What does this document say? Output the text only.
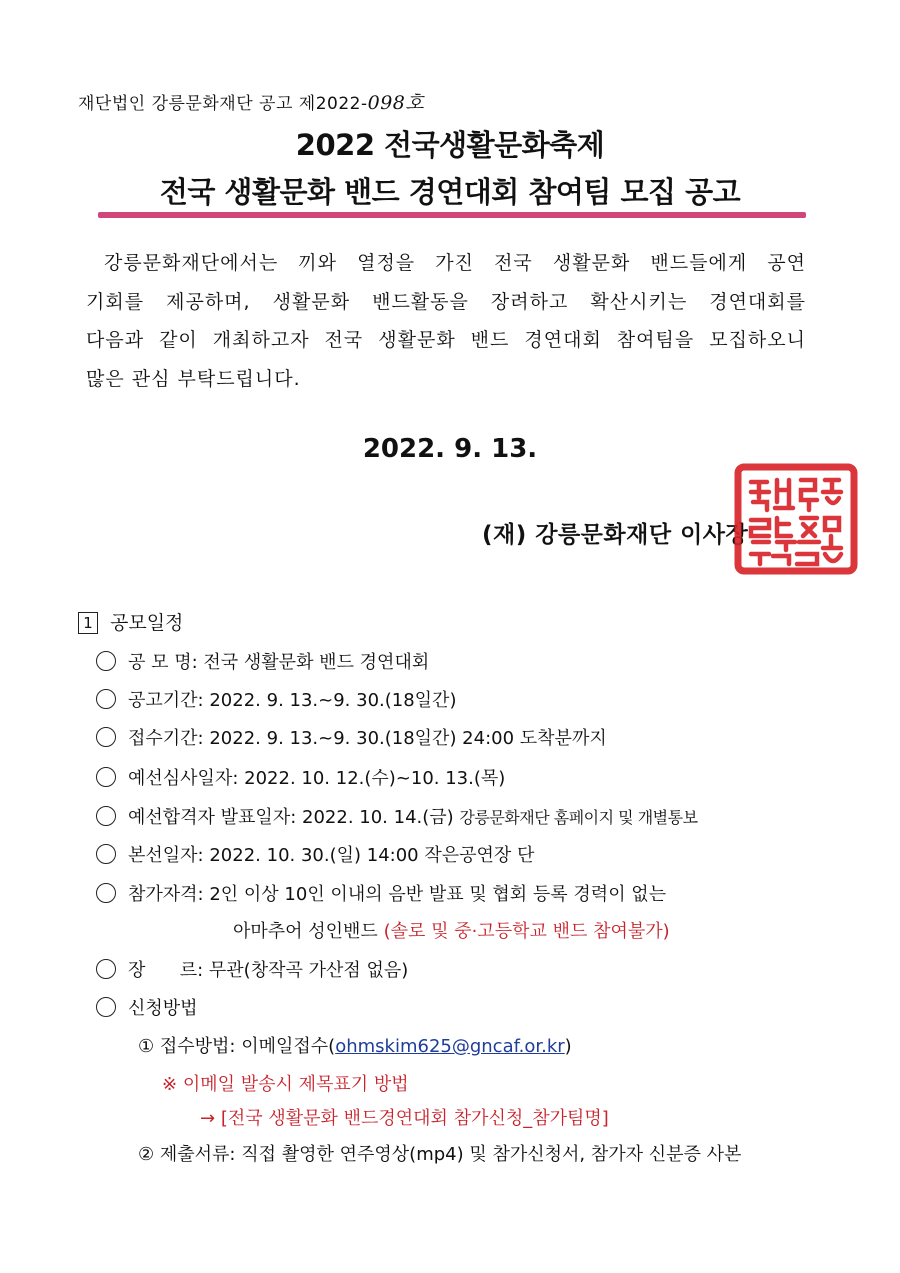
재단법인 강릉문화재단 공고 제2022-098호
2022 전국생활문화축제
전국 생활문화 밴드 경연대회 참여팀 모집 공고

강릉문화재단에서는 끼와 열정을 가진 전국 생활문화 밴드들에게 공연

기회를 제공하며, 생활문화 밴드활동을 장려하고 확산시키는 경연대회를

다음과 같이 개최하고자 전국 생활문화 밴드 경연대회 참여팀을 모집하오니

많은 관심 부탁드립니다.

2022. 9. 13.
(재) 강릉문화재단 이사장
1 공모일정
공 모 명: 전국 생활문화 밴드 경연대회
공고기간: 2022. 9. 13.~9. 30.(18일간)
접수기간: 2022. 9. 13.~9. 30.(18일간) 24:00 도착분까지
예선심사일자: 2022. 10. 12.(수)~10. 13.(목)
예선합격자 발표일자: 2022. 10. 14.(금) 강릉문화재단 홈페이지 및 개별통보
본선일자: 2022. 10. 30.(일) 14:00 작은공연장 단
참가자격: 2인 이상 10인 이내의 음반 발표 및 협회 등록 경력이 없는
아마추어 성인밴드 (솔로 및 중·고등학교 밴드 참여불가)
장      르: 무관(창작곡 가산점 없음)
신청방법
① 접수방법: 이메일접수(ohmskim625@gncaf.or.kr)
※ 이메일 발송시 제목표기 방법
→ [전국 생활문화 밴드경연대회 참가신청_참가팀명]
② 제출서류: 직접 촬영한 연주영상(mp4) 및 참가신청서, 참가자 신분증 사본
